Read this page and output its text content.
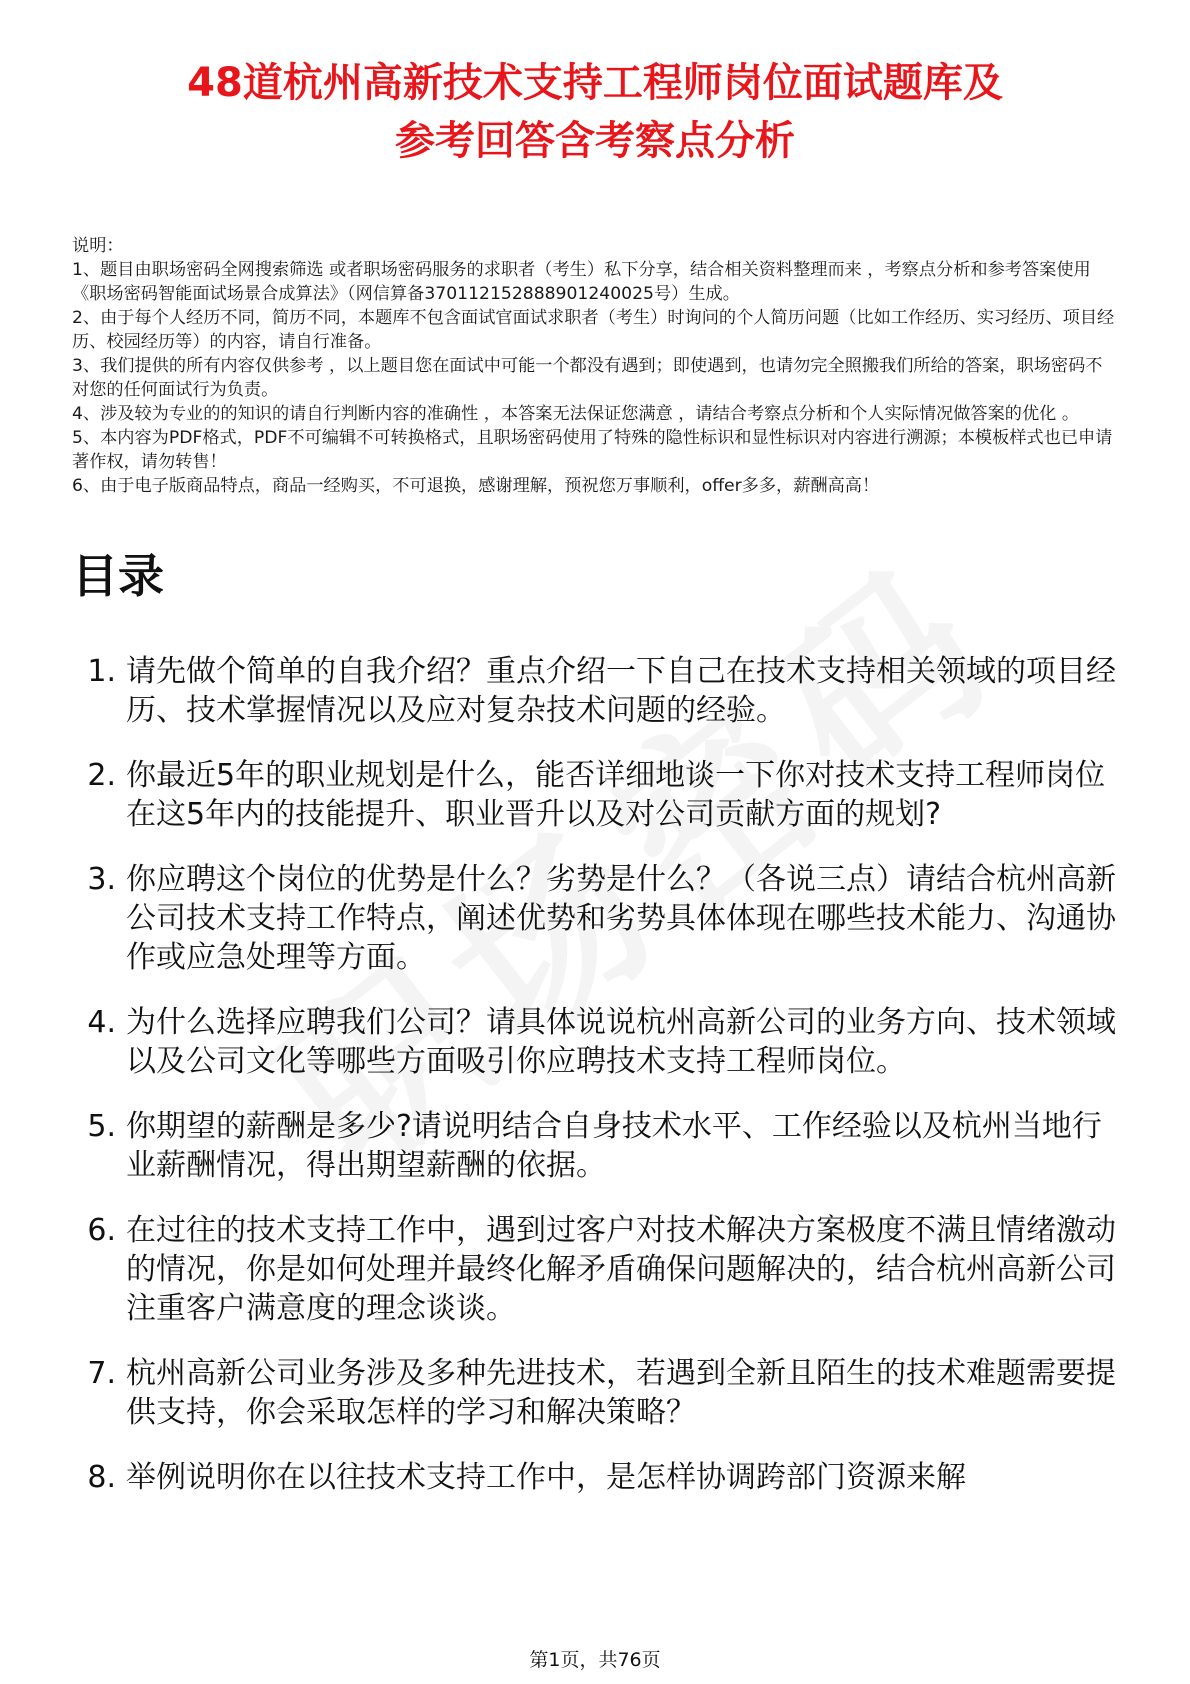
48道杭州高新技术支持工程师岗位面试题库及
参考回答含考察点分析
说明：

1、题目由职场密码全网搜索筛选 或者职场密码服务的求职者（考生）私下分享，结合相关资料整理而来 ，考察点分析和参考答案使用《职场密码智能面试场景合成算法》（网信算备370112152888901240025号）生成。

2、由于每个人经历不同，简历不同，本题库不包含面试官面试求职者（考生）时询问的个人简历问题（比如工作经历、实习经历、项目经历、校园经历等）的内容，请自行准备。

3、我们提供的所有内容仅供参考 ，以上题目您在面试中可能一个都没有遇到；即使遇到，也请勿完全照搬我们所给的答案，职场密码不对您的任何面试行为负责。

4、涉及较为专业的的知识的请自行判断内容的准确性 ，本答案无法保证您满意 ，请结合考察点分析和个人实际情况做答案的优化 。

5、本内容为PDF格式，PDF不可编辑不可转换格式，且职场密码使用了特殊的隐性标识和显性标识对内容进行溯源；本模板样式也已申请著作权，请勿转售！

6、由于电子版商品特点，商品一经购买，不可退换，感谢理解，预祝您万事顺利，offer多多，薪酬高高！

目录
1. 请先做个简单的自我介绍？重点介绍一下自己在技术支持相关领域的项目经历、技术掌握情况以及应对复杂技术问题的经验。
2. 你最近5年的职业规划是什么，能否详细地谈一下你对技术支持工程师岗位在这5年内的技能提升、职业晋升以及对公司贡献方面的规划?
3. 你应聘这个岗位的优势是什么？劣势是什么？（各说三点）请结合杭州高新公司技术支持工作特点，阐述优势和劣势具体体现在哪些技术能力、沟通协作或应急处理等方面。
4. 为什么选择应聘我们公司？请具体说说杭州高新公司的业务方向、技术领域以及公司文化等哪些方面吸引你应聘技术支持工程师岗位。
5. 你期望的薪酬是多少?请说明结合自身技术水平、工作经验以及杭州当地行业薪酬情况，得出期望薪酬的依据。
6. 在过往的技术支持工作中，遇到过客户对技术解决方案极度不满且情绪激动的情况，你是如何处理并最终化解矛盾确保问题解决的，结合杭州高新公司注重客户满意度的理念谈谈。
7. 杭州高新公司业务涉及多种先进技术，若遇到全新且陌生的技术难题需要提供支持，你会采取怎样的学习和解决策略？
8. 举例说明你在以往技术支持工作中，是怎样协调跨部门资源来解
第1页，共76页
